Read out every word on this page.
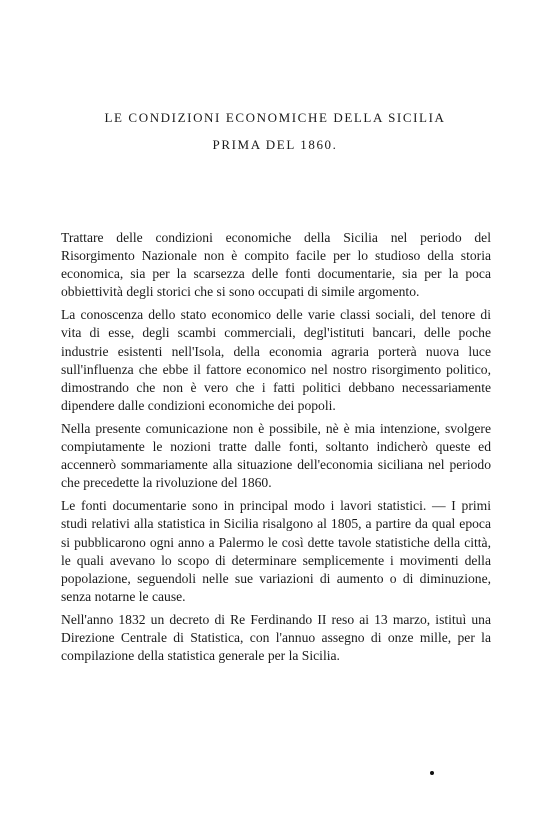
LE CONDIZIONI ECONOMICHE DELLA SICILIA
PRIMA DEL 1860.

Trattare delle condizioni economiche della Sicilia nel periodo del Risorgimento Nazionale non è compito facile per lo studioso della storia economica, sia per la scarsezza delle fonti documentarie, sia per la poca obbiettività degli storici che si sono occupati di simile argomento.

La conoscenza dello stato economico delle varie classi sociali, del tenore di vita di esse, degli scambi commerciali, degl'istituti bancari, delle poche industrie esistenti nell'Isola, della economia agraria porterà nuova luce sull'influenza che ebbe il fattore economico nel nostro risorgimento politico, dimostrando che non è vero che i fatti politici debbano necessariamente dipendere dalle condizioni economiche dei popoli.

Nella presente comunicazione non è possibile, nè è mia intenzione, svolgere compiutamente le nozioni tratte dalle fonti, soltanto indicherò queste ed accennerò sommariamente alla situazione dell'economia siciliana nel periodo che precedette la rivoluzione del 1860.

Le fonti documentarie sono in principal modo i lavori statistici. — I primi studi relativi alla statistica in Sicilia risalgono al 1805, a partire da qual epoca si pubblicarono ogni anno a Palermo le così dette tavole statistiche della città, le quali avevano lo scopo di determinare semplicemente i movimenti della popolazione, seguendoli nelle sue variazioni di aumento o di diminuzione, senza notarne le cause.

Nell'anno 1832 un decreto di Re Ferdinando II reso ai 13 marzo, istituì una Direzione Centrale di Statistica, con l'annuo assegno di onze mille, per la compilazione della statistica generale per la Sicilia.
